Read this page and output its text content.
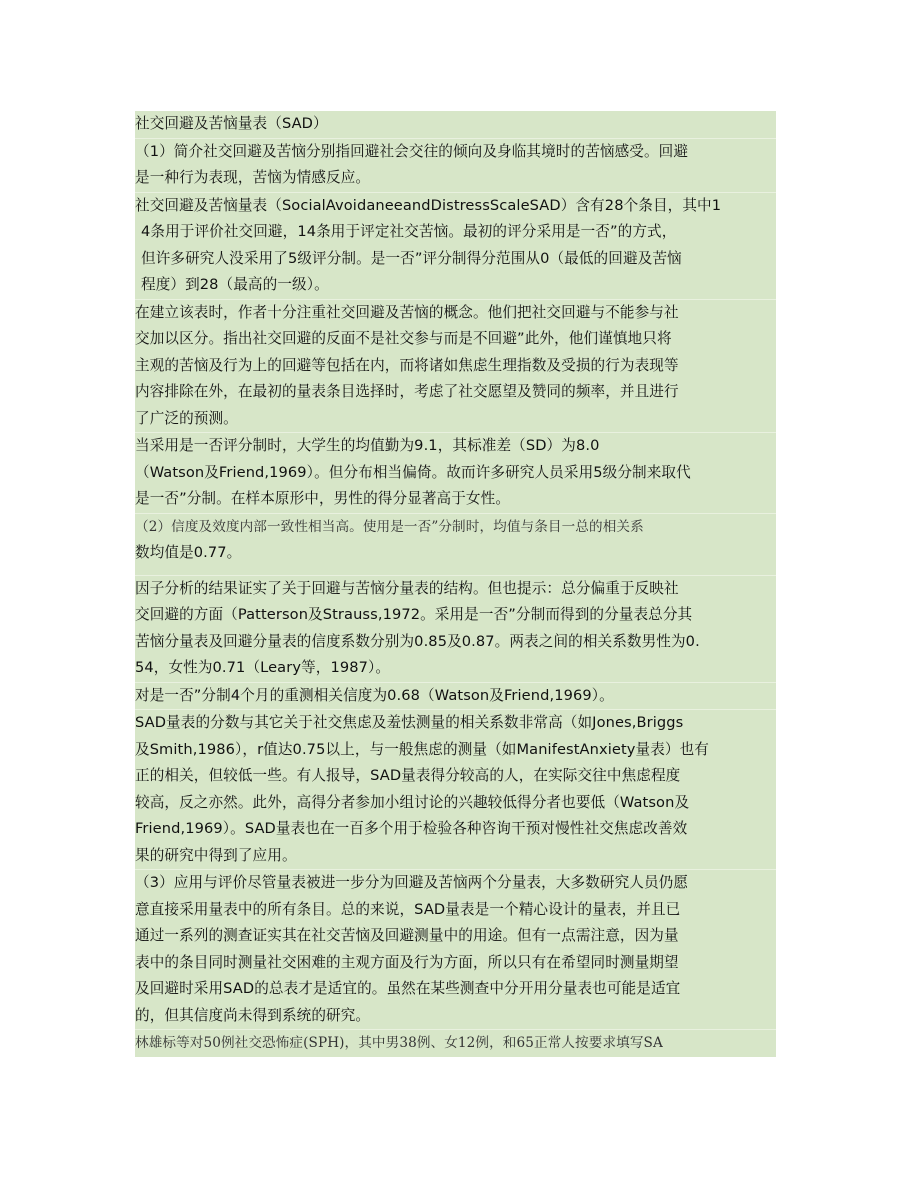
社交回避及苦恼量表（SAD）
（1）简介社交回避及苦恼分别指回避社会交往的倾向及身临其境时的苦恼感受。回避
是一种行为表现，苦恼为情感反应。
社交回避及苦恼量表（SocialAvoidaneeandDistressScaleSAD）含有28个条目，其中1
4条用于评价社交回避，14条用于评定社交苦恼。最初的评分采用是一否”的方式，
但许多研究人没采用了5级评分制。是一否”评分制得分范围从0（最低的回避及苦恼
程度）到28（最高的一级）。
在建立该表时，作者十分注重社交回避及苦恼的概念。他们把社交回避与不能参与社
交加以区分。指出社交回避的反面不是社交参与而是不回避”此外，他们谨慎地只将
主观的苦恼及行为上的回避等包括在内，而将诸如焦虑生理指数及受损的行为表现等
内容排除在外，在最初的量表条目选择时，考虑了社交愿望及赞同的频率，并且进行
了广泛的预测。
当采用是一否评分制时，大学生的均值勤为9.1，其标准差（SD）为8.0
（Watson及Friend,1969）。但分布相当偏倚。故而许多研究人员采用5级分制来取代
是一否”分制。在样本原形中，男性的得分显著高于女性。
（2）信度及效度内部一致性相当高。使用是一否”分制时，均值与条目一总的相关系
数均值是0.77。
因子分析的结果证实了关于回避与苦恼分量表的结构。但也提示：总分偏重于反映社
交回避的方面（Patterson及Strauss,1972。采用是一否”分制而得到的分量表总分其
苦恼分量表及回避分量表的信度系数分别为0.85及0.87。两表之间的相关系数男性为0.
54，女性为0.71（Leary等，1987）。
对是一否”分制4个月的重测相关信度为0.68（Watson及Friend,1969）。
SAD量表的分数与其它关于社交焦虑及羞怯测量的相关系数非常高（如Jones,Briggs
及Smith,1986），r值达0.75以上，与一般焦虑的测量（如ManifestAnxiety量表）也有
正的相关，但较低一些。有人报导，SAD量表得分较高的人，在实际交往中焦虑程度
较高，反之亦然。此外，高得分者参加小组讨论的兴趣较低得分者也要低（Watson及
Friend,1969）。SAD量表也在一百多个用于检验各种咨询干预对慢性社交焦虑改善效
果的研究中得到了应用。
（3）应用与评价尽管量表被进一步分为回避及苦恼两个分量表，大多数研究人员仍愿
意直接采用量表中的所有条目。总的来说，SAD量表是一个精心设计的量表，并且已
通过一系列的测查证实其在社交苦恼及回避测量中的用途。但有一点需注意，因为量
表中的条目同时测量社交困难的主观方面及行为方面，所以只有在希望同时测量期望
及回避时采用SAD的总表才是适宜的。虽然在某些测查中分开用分量表也可能是适宜
的，但其信度尚未得到系统的研究。
林雄标等对50例社交恐怖症(SPH)，其中男38例、女12例，和65正常人按要求填写SA
